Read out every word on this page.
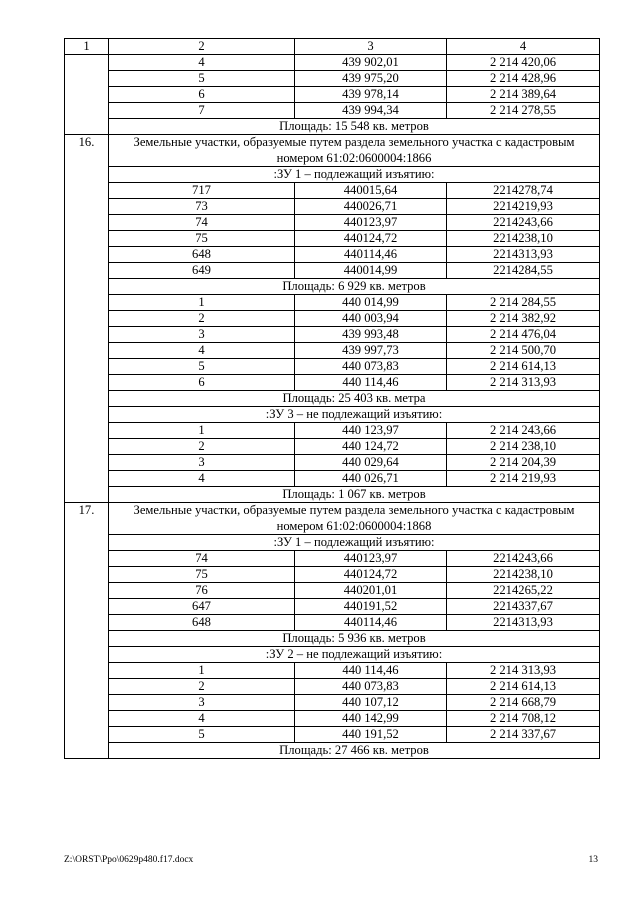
1	2	3	4
	4	439 902,01	2 214 420,06
	5	439 975,20	2 214 428,96
	6	439 978,14	2 214 389,64
	7	439 994,34	2 214 278,55
	Площадь: 15 548 кв. метров		
16.	Земельные участки, образуемые путем раздела земельного участка с кадастровым номером 61:02:0600004:1866		
	:ЗУ 1 – подлежащий изъятию:		
	717	440015,64	2214278,74
	73	440026,71	2214219,93
	74	440123,97	2214243,66
	75	440124,72	2214238,10
	648	440114,46	2214313,93
	649	440014,99	2214284,55
	Площадь: 6 929 кв. метров		
	1	440 014,99	2 214 284,55
	2	440 003,94	2 214 382,92
	3	439 993,48	2 214 476,04
	4	439 997,73	2 214 500,70
	5	440 073,83	2 214 614,13
	6	440 114,46	2 214 313,93
	Площадь: 25 403 кв. метра		
	:ЗУ 3 – не подлежащий изъятию:		
	1	440 123,97	2 214 243,66
	2	440 124,72	2 214 238,10
	3	440 029,64	2 214 204,39
	4	440 026,71	2 214 219,93
	Площадь: 1 067 кв. метров		
17.	Земельные участки, образуемые путем раздела земельного участка с кадастровым номером 61:02:0600004:1868		
	:ЗУ 1 – подлежащий изъятию:		
	74	440123,97	2214243,66
	75	440124,72	2214238,10
	76	440201,01	2214265,22
	647	440191,52	2214337,67
	648	440114,46	2214313,93
	Площадь: 5 936 кв. метров		
	:ЗУ 2 – не подлежащий изъятию:		
	1	440 114,46	2 214 313,93
	2	440 073,83	2 214 614,13
	3	440 107,12	2 214 668,79
	4	440 142,99	2 214 708,12
	5	440 191,52	2 214 337,67
	Площадь: 27 466 кв. метров		
Z:\ORST\Ppo\0629p480.f17.docx	13
